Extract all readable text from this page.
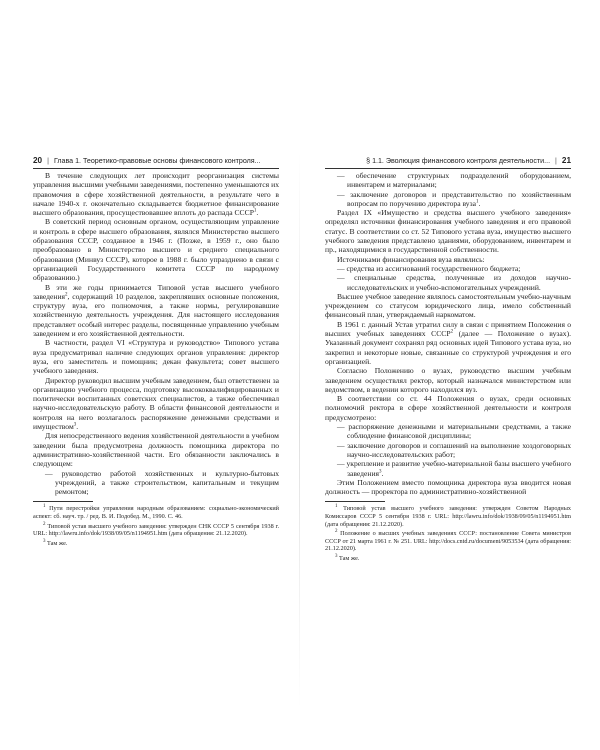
20 | Глава 1. Теоретико-правовые основы финансового контроля...

В течение следующих лет происходит реорганизация системы управления высшими учебными заведениями, постепенно уменьшаются их правомочия в сфере хозяйственной деятельности, в результате чего в начале 1940-х г. окончательно складывается бюджетное финансирование высшего образования, просуществовавшее вплоть до распада СССР$^1$.

В советский период основным органом, осуществляющим управление и контроль в сфере высшего образования, являлся Министерство высшего образования СССР, созданное в 1946 г. (Позже, в 1959 г., оно было преобразовано в Министерство высшего и среднего специального образования (Минвуз СССР), которое в 1988 г. было упразднено в связи с организацией Государственного комитета СССР по народному образованию.)

В эти же годы принимается Типовой устав высшего учебного заведения$^2$, содержащий 10 разделов, закреплявших основные положения, структуру вуза, его полномочия, а также нормы, регулировавшие хозяйственную деятельность учреждения. Для настоящего исследования представляет особый интерес разделы, посвященные управлению учебным заведением и его хозяйственной деятельности.

В частности, раздел VI «Структура и руководство» Типового устава вуза предусматривал наличие следующих органов управления: директор вуза, его заместитель и помощник; декан факультета; совет высшего учебного заведения.

Директор руководил высшим учебным заведением, был ответственен за организацию учебного процесса, подготовку высококвалифицированных и политически воспитанных советских специалистов, а также обеспечивал научно-исследовательскую работу. В области финансовой деятельности и контроля на него возлагалось распоряжение денежными средствами и имуществом$^3$.

Для непосредственного ведения хозяйственной деятельности в учебном заведении была предусмотрена должность помощника директора по административно-хозяйственной части. Его обязанности заключались в следующем:

— руководство работой хозяйственных и культурно-бытовых учреждений, а также строительством, капитальным и текущим ремонтом;

$^1$ Пути перестройки управления народным образованием: социально-экономический аспект: сб. науч. тр. / ред. В. И. Подобед. М., 1990. С. 46.

$^2$ Типовой устав высшего учебного заведения: утвержден СНК СССР 5 сентября 1938 г. URL: http://lawru.info/dok/1938/09/05/n1194951.htm (дата обращения: 21.12.2020).

$^3$ Там же.

§ 1.1. Эволюция финансового контроля деятельности... | 21
— обеспечение структурных подразделений оборудованием, инвентарем и материалами;
— заключение договоров и представительство по хозяйственным вопросам по поручению директора вуза$^1$.

Раздел IX «Имущество и средства высшего учебного заведения» определял источники финансирования учебного заведения и его правовой статус. В соответствии со ст. 52 Типового устава вуза, имущество высшего учебного заведения представлено зданиями, оборудованием, инвентарем и пр., находящимися в государственной собственности.

Источниками финансирования вуза являлись:

— средства из ассигнований государственного бюджета;
— специальные средства, полученные из доходов научно-исследовательских и учебно-вспомогательных учреждений.

Высшее учебное заведение являлось самостоятельным учебно-научным учреждением со статусом юридического лица, имело собственный финансовый план, утверждаемый наркоматом.

В 1961 г. данный Устав утратил силу в связи с принятием Положения о высших учебных заведениях СССР$^2$ (далее — Положение о вузах). Указанный документ сохранял ряд основных идей Типового устава вуза, но закрепил и некоторые новые, связанные со структурой учреждения и его организацией.

Согласно Положению о вузах, руководство высшим учебным заведением осуществлял ректор, который назначался министерством или ведомством, в ведении которого находился вуз.

В соответствии со ст. 44 Положения о вузах, среди основных полномочий ректора в сфере хозяйственной деятельности и контроля предусмотрено:

— распоряжение денежными и материальными средствами, а также соблюдение финансовой дисциплины;
— заключение договоров и соглашений на выполнение хоздоговорных научно-исследовательских работ;
— укрепление и развитие учебно-материальной базы высшего учебного заведения$^3$.

Этим Положением вместо помощника директора вуза вводится новая должность — проректора по административно-хозяйственной

$^1$ Типовой устав высшего учебного заведения: утвержден Советом Народных Комиссаров СССР 5 сентября 1938 г. URL: http://lawru.info/dok/1938/09/05/n1194951.htm (дата обращения: 21.12.2020).

$^2$ Положение о высших учебных заведениях СССР: постановление Совета министров СССР от 21 марта 1961 г. № 251. URL: http://docs.cntd.ru/document/9053534 (дата обращения: 21.12.2020).

$^3$ Там же.
